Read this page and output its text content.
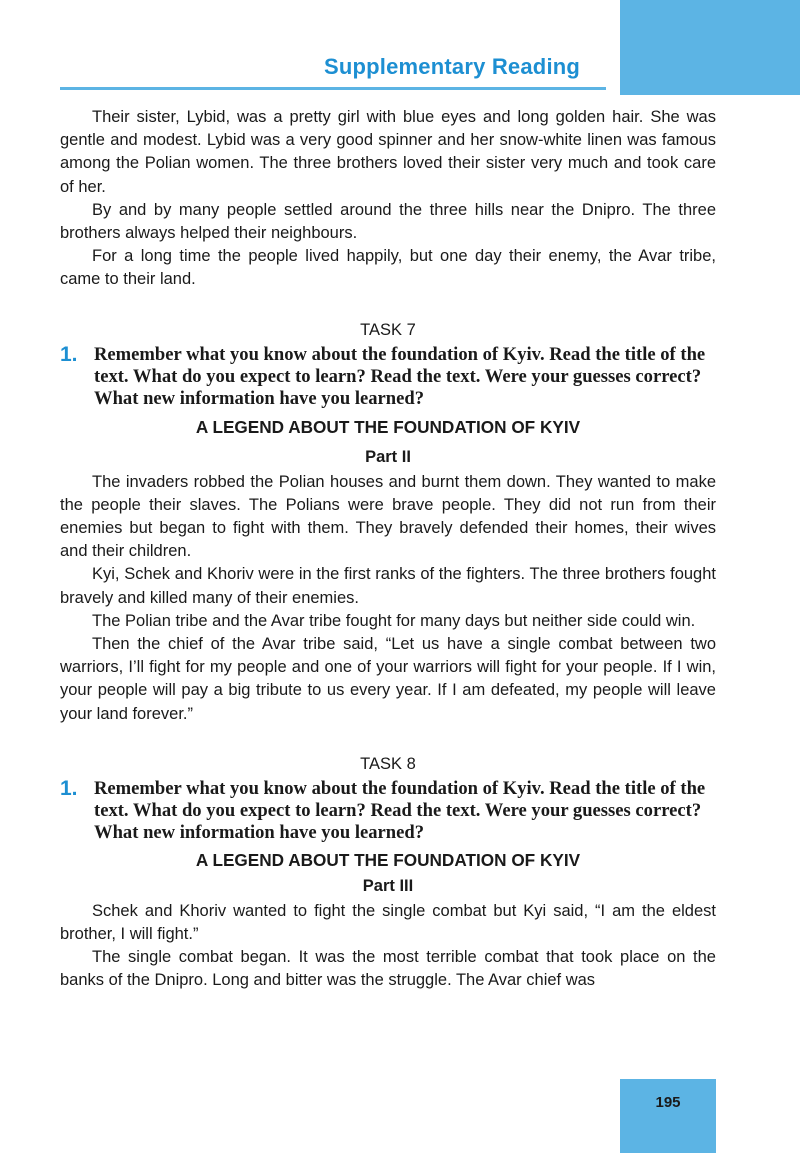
Supplementary Reading

Their sister, Lybid, was a pretty girl with blue eyes and long golden hair. She was gentle and modest. Lybid was a very good spinner and her snow-white linen was famous among the Polian women. The three brothers loved their sister very much and took care of her.

By and by many people settled around the three hills near the Dnipro. The three brothers always helped their neighbours.

For a long time the people lived happily, but one day their enemy, the Avar tribe, came to their land.

TASK 7

1. Remember what you know about the foundation of Kyiv. Read the title of the text. What do you expect to learn? Read the text. Were your guesses correct? What new information have you learned?

A LEGEND ABOUT THE FOUNDATION OF KYIV

Part II

The invaders robbed the Polian houses and burnt them down. They wanted to make the people their slaves. The Polians were brave people. They did not run from their enemies but began to fight with them. They bravely defended their homes, their wives and their children.

Kyi, Schek and Khoriv were in the first ranks of the fighters. The three brothers fought bravely and killed many of their enemies.

The Polian tribe and the Avar tribe fought for many days but neither side could win.

Then the chief of the Avar tribe said, “Let us have a single combat between two warriors, I’ll fight for my people and one of your warriors will fight for your people. If I win, your people will pay a big tribute to us every year. If I am defeated, my people will leave your land forever.”

TASK 8

1. Remember what you know about the foundation of Kyiv. Read the title of the text. What do you expect to learn? Read the text. Were your guesses correct? What new information have you learned?

A LEGEND ABOUT THE FOUNDATION OF KYIV

Part III

Schek and Khoriv wanted to fight the single combat but Kyi said, “I am the eldest brother, I will fight.”

The single combat began. It was the most terrible combat that took place on the banks of the Dnipro. Long and bitter was the struggle. The Avar chief was

195
